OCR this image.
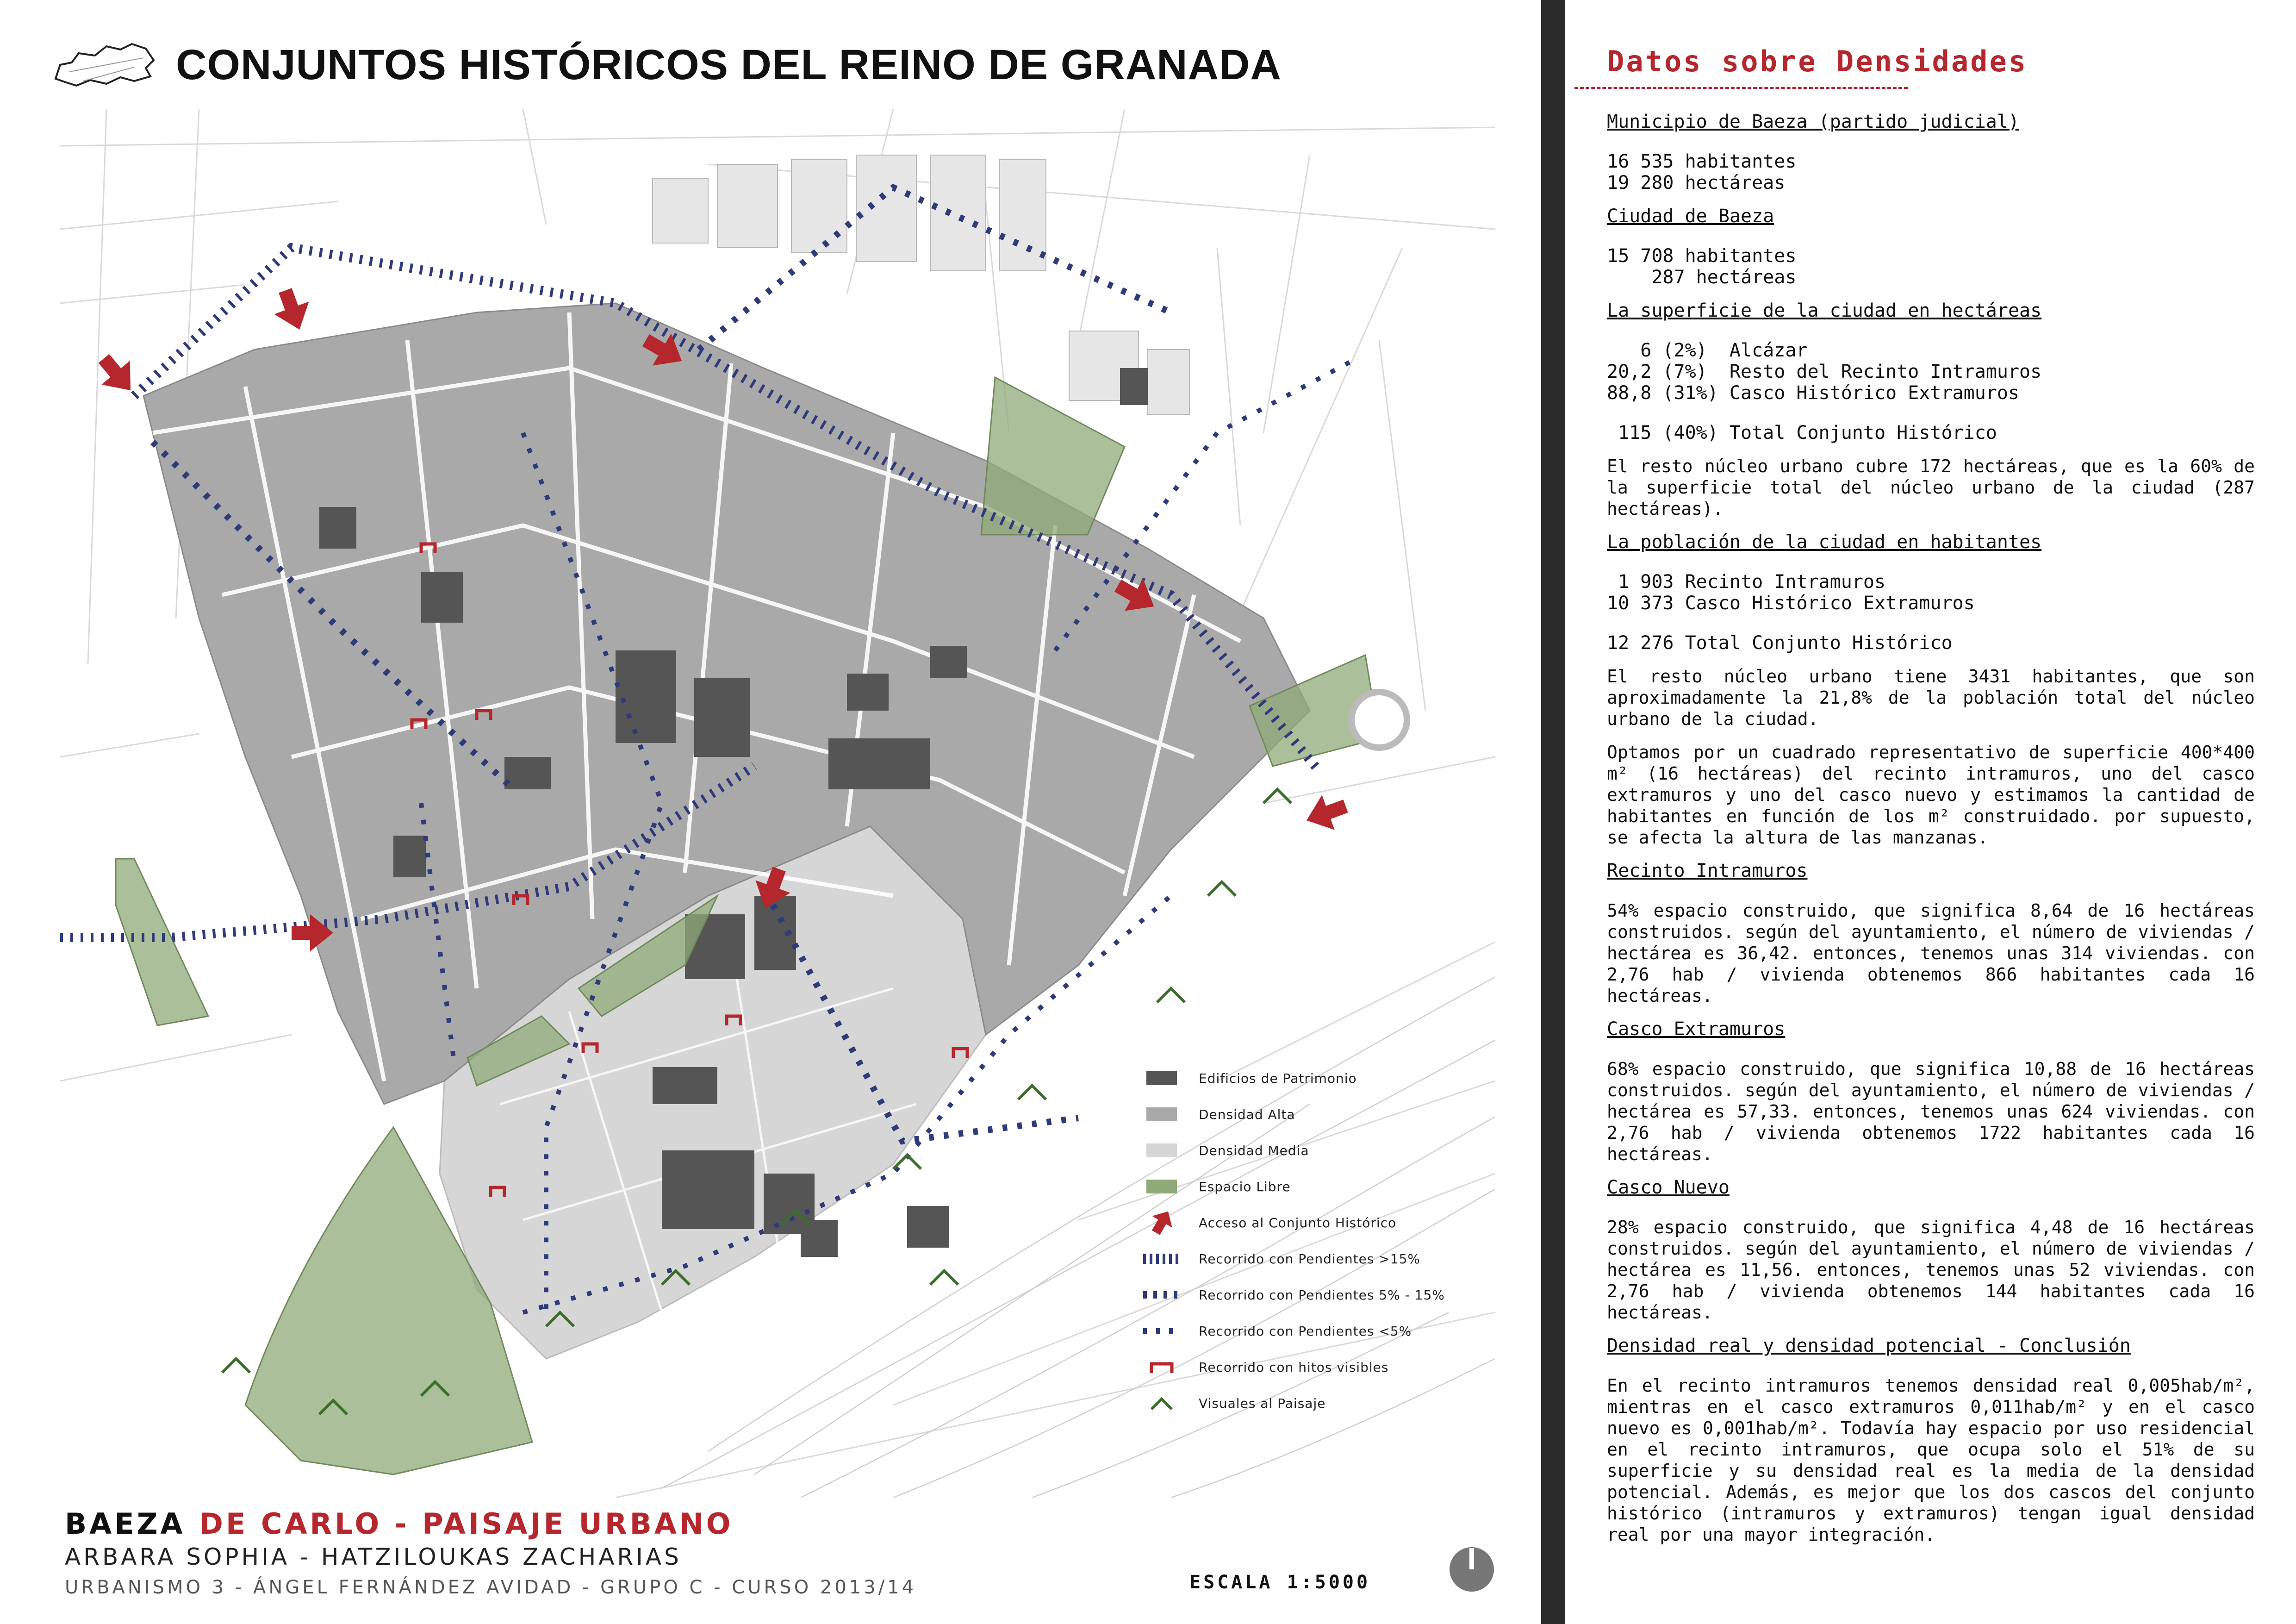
CONJUNTOS HISTÓRICOS DEL REINO DE GRANADA
Edificios de Patrimonio
Densidad Alta
Densidad Media
Espacio Libre
Acceso al Conjunto Histórico
Recorrido con Pendientes >15%
Recorrido con Pendientes 5% - 15%
Recorrido con Pendientes <5%
Recorrido con hitos visibles
Visuales al Paisaje
BAEZA DE CARLO - PAISAJE URBANO
ARBARA SOPHIA - HATZILOUKAS ZACHARIAS
URBANISMO 3 - ÁNGEL FERNÁNDEZ AVIDAD - GRUPO C - CURSO 2013/14	ESCALA 1:5000
Datos sobre Densidades
Municipio de Baeza (partido judicial)
16 535 habitantes
19 280 hectáreas
Ciudad de Baeza
15 708 habitantes
287 hectáreas
La superficie de la ciudad en hectáreas
6 (2%)  Alcázar
20,2 (7%)  Resto del Recinto Intramuros
88,8 (31%) Casco Histórico Extramuros
115 (40%) Total Conjunto Histórico
El resto núcleo urbano cubre 172 hectáreas, que es la 60% de la superficie total del núcleo urbano de la ciudad (287 hectáreas).
La población de la ciudad en habitantes
1 903 Recinto Intramuros
10 373 Casco Histórico Extramuros
12 276 Total Conjunto Histórico
El resto núcleo urbano tiene 3431 habitantes, que son aproximadamente la 21,8% de la población total del núcleo urbano de la ciudad.
Optamos por un cuadrado representativo de superficie 400*400 m² (16 hectáreas) del recinto intramuros, uno del casco extramuros y uno del casco nuevo y estimamos la cantidad de habitantes en función de los m² construidado. por supuesto, se afecta la altura de las manzanas.
Recinto Intramuros
54% espacio construido, que significa 8,64 de 16 hectáreas construidos. según del ayuntamiento, el número de viviendas / hectárea es 36,42. entonces, tenemos unas 314 viviendas. con 2,76 hab / vivienda obtenemos 866 habitantes cada 16 hectáreas.
Casco Extramuros
68% espacio construido, que significa 10,88 de 16 hectáreas construidos. según del ayuntamiento, el número de viviendas / hectárea es 57,33. entonces, tenemos unas 624 viviendas. con 2,76 hab / vivienda obtenemos 1722 habitantes cada 16 hectáreas.
Casco Nuevo
28% espacio construido, que significa 4,48 de 16 hectáreas construidos. según del ayuntamiento, el número de viviendas / hectárea es 11,56. entonces, tenemos unas 52 viviendas. con 2,76 hab / vivienda obtenemos 144 habitantes cada 16 hectáreas.
Densidad real y densidad potencial - Conclusión
En el recinto intramuros tenemos densidad real 0,005hab/m², mientras en el casco extramuros 0,011hab/m² y en el casco nuevo es 0,001hab/m². Todavía hay espacio por uso residencial en el recinto intramuros, que ocupa solo el 51% de su superficie y su densidad real es la media de la densidad potencial. Además, es mejor que los dos cascos del conjunto histórico (intramuros y extramuros) tengan igual densidad real por una mayor integración.
